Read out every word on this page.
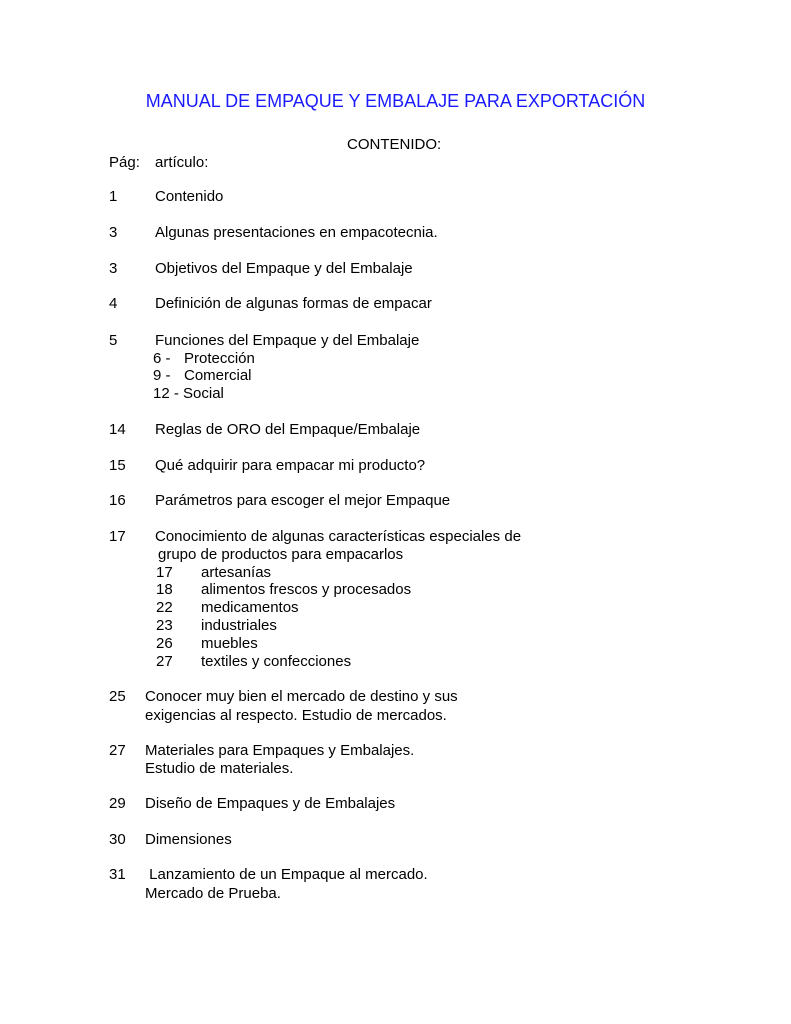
MANUAL DE EMPAQUE Y EMBALAJE PARA EXPORTACIÓN
CONTENIDO:
Pág: artículo:
1	Contenido
3	Algunas presentaciones en empacotecnia.
3	Objetivos del Empaque y del Embalaje
4	Definición de algunas formas de empacar
5	Funciones del Empaque y del Embalaje
6 - Protección
9 - Comercial
12 - Social
14 Reglas de ORO del Empaque/Embalaje
15 Qué adquirir para empacar mi producto?
16 Parámetros para escoger el mejor Empaque
17 Conocimiento de algunas características especiales de
grupo de productos para empacarlos
17 artesanías
18 alimentos frescos y procesados
22 medicamentos
23 industriales
26 muebles
27 textiles y confecciones
25 Conocer muy bien el mercado de destino y sus
exigencias al respecto. Estudio de mercados.
27 Materiales para Empaques y Embalajes.
Estudio de materiales.
29 Diseño de Empaques y de Embalajes
30 Dimensiones
31 Lanzamiento de un Empaque al mercado.
Mercado de Prueba.
